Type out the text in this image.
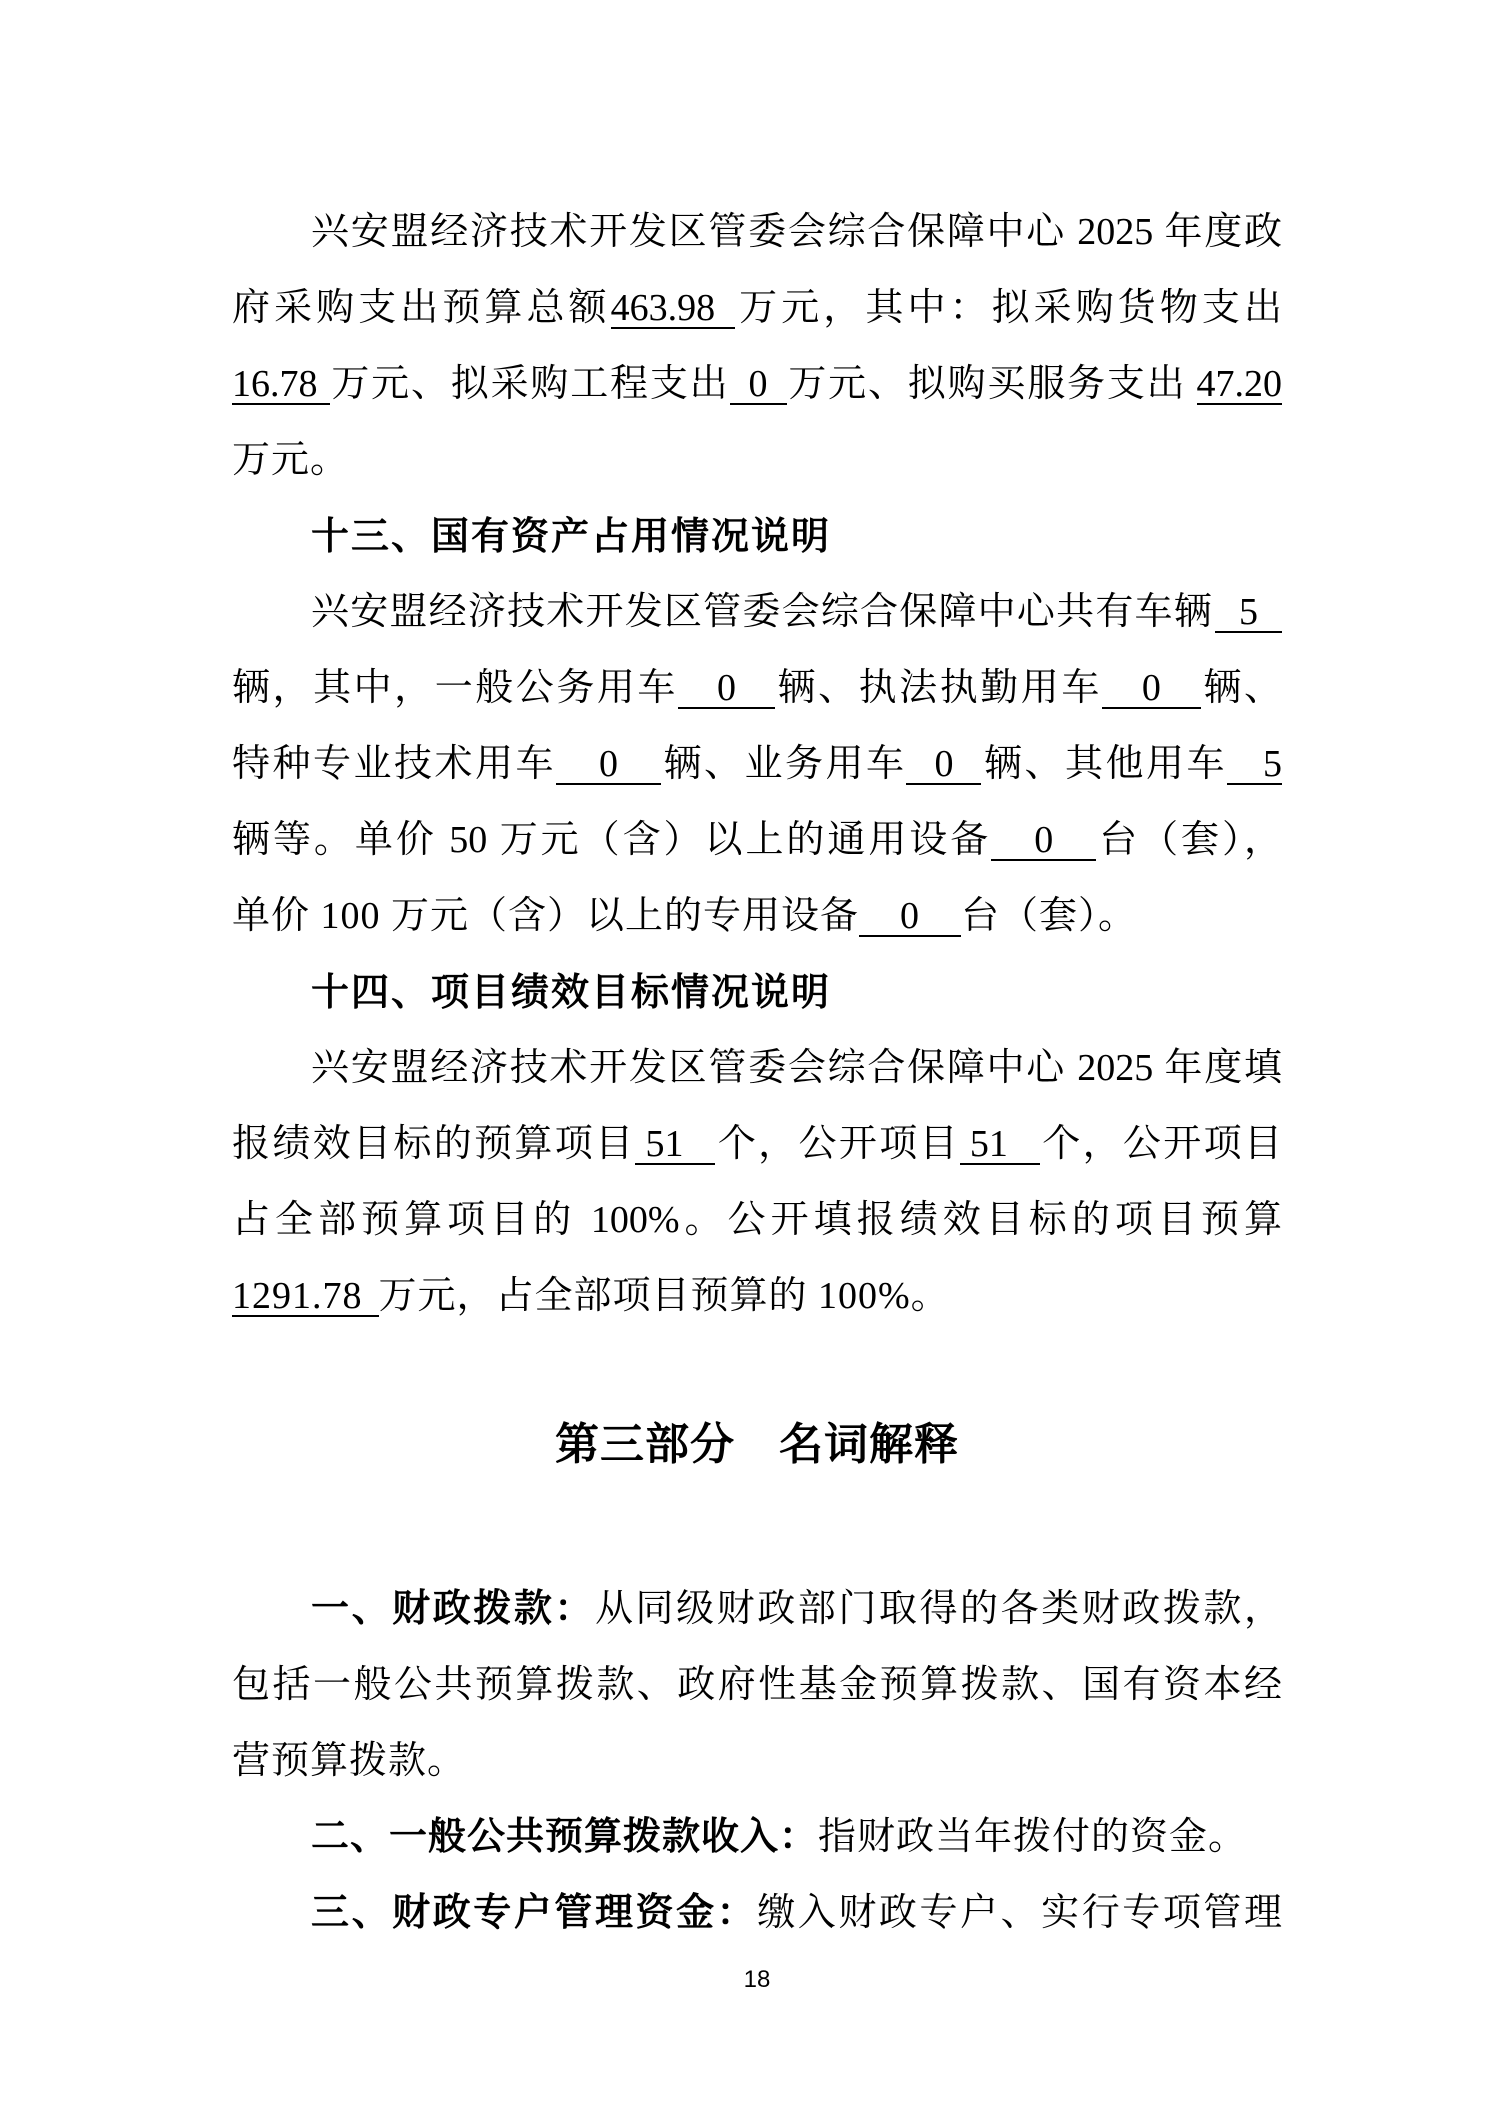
兴安盟经济技术开发区管委会综合保障中心 2025 年度政
府采购支出预算总额463.98 万元，其中：拟采购货物支出
16.78 万元、拟采购工程支出 0 万元、拟购买服务支出 47.20
万元。
十三、国有资产占用情况说明
兴安盟经济技术开发区管委会综合保障中心共有车辆 5
辆，其中，一般公务用车 0 辆、执法执勤用车 0 辆、
特种专业技术用车 0 辆、业务用车 0 辆、其他用车 5
辆等。单价 50 万元（含）以上的通用设备 0 台（套），
单价 100 万元（含）以上的专用设备 0 台（套）。
十四、项目绩效目标情况说明
兴安盟经济技术开发区管委会综合保障中心 2025 年度填
报绩效目标的预算项目 51 个，公开项目 51 个，公开项目
占全部预算项目的 100%。公开填报绩效目标的项目预算
1291.78 万元，占全部项目预算的 100%。
第三部分 名词解释
一、财政拨款：从同级财政部门取得的各类财政拨款，
包括一般公共预算拨款、政府性基金预算拨款、国有资本经
营预算拨款。
二、一般公共预算拨款收入：指财政当年拨付的资金。
三、财政专户管理资金：缴入财政专户、实行专项管理
18
